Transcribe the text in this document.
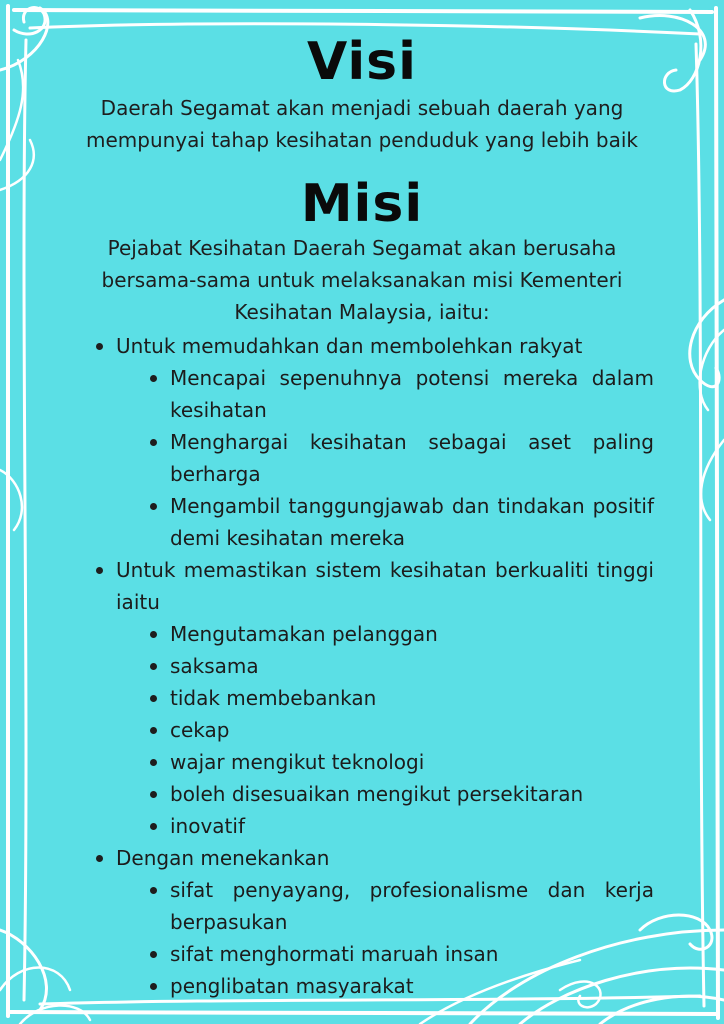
Visi
Daerah Segamat akan menjadi sebuah daerah yang
mempunyai tahap kesihatan penduduk yang lebih baik
Misi
Pejabat Kesihatan Daerah Segamat akan berusaha
bersama-sama untuk melaksanakan misi Kementeri
Kesihatan Malaysia, iaitu:
Untuk memudahkan dan membolehkan rakyat
Mencapai sepenuhnya potensi mereka dalam kesihatan
Menghargai kesihatan sebagai aset paling berharga
Mengambil tanggungjawab dan tindakan positif demi kesihatan mereka
Untuk memastikan sistem kesihatan berkualiti tinggi iaitu
Mengutamakan pelanggan
saksama
tidak membebankan
cekap
wajar mengikut teknologi
boleh disesuaikan mengikut persekitaran
inovatif
Dengan menekankan
sifat penyayang, profesionalisme dan kerja berpasukan
sifat menghormati maruah insan
penglibatan masyarakat
